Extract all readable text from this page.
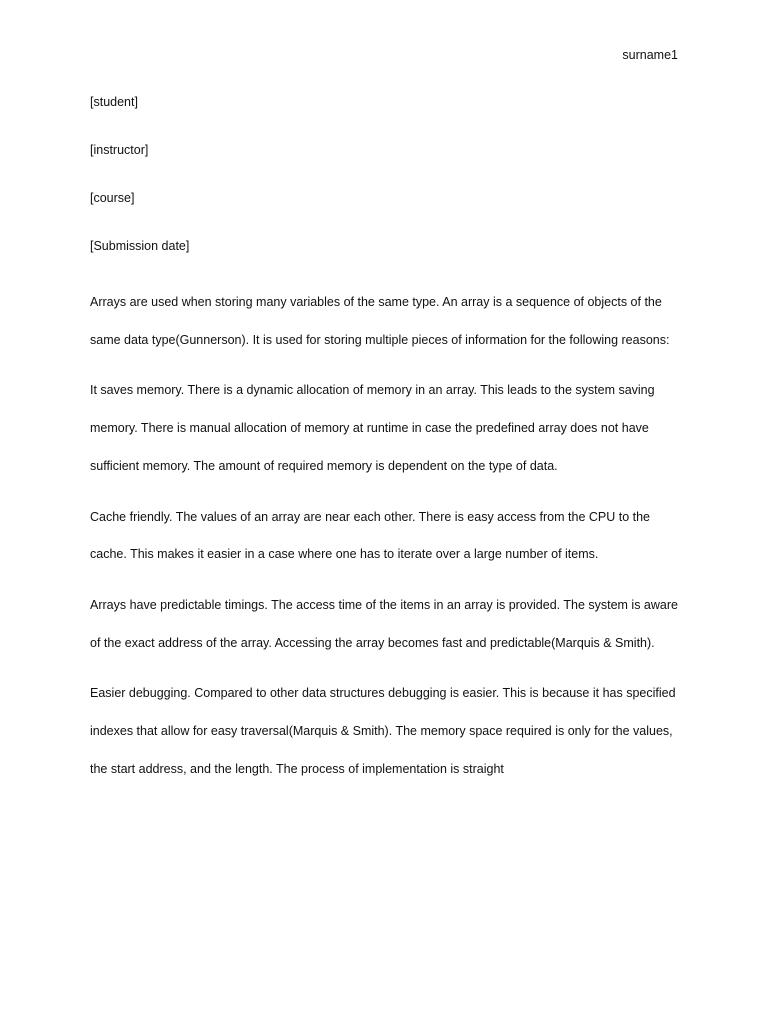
surname1

[student]

[instructor]

[course]

[Submission date]

Arrays are used when storing many variables of the same type. An array is a sequence of objects of the same data type(Gunnerson). It is used for storing multiple pieces of information for the following reasons:

It saves memory. There is a dynamic allocation of memory in an array. This leads to the system saving memory. There is manual allocation of memory at runtime in case the predefined array does not have sufficient memory. The amount of required memory is dependent on the type of data.

Cache friendly. The values of an array are near each other. There is easy access from the CPU to the cache. This makes it easier in a case where one has to iterate over a large number of items.

Arrays have predictable timings. The access time of the items in an array is provided. The system is aware of the exact address of the array. Accessing the array becomes fast and predictable(Marquis & Smith).

Easier debugging. Compared to other data structures debugging is easier. This is because it has specified indexes that allow for easy traversal(Marquis & Smith). The memory space required is only for the values, the start address, and the length. The process of implementation is straight
